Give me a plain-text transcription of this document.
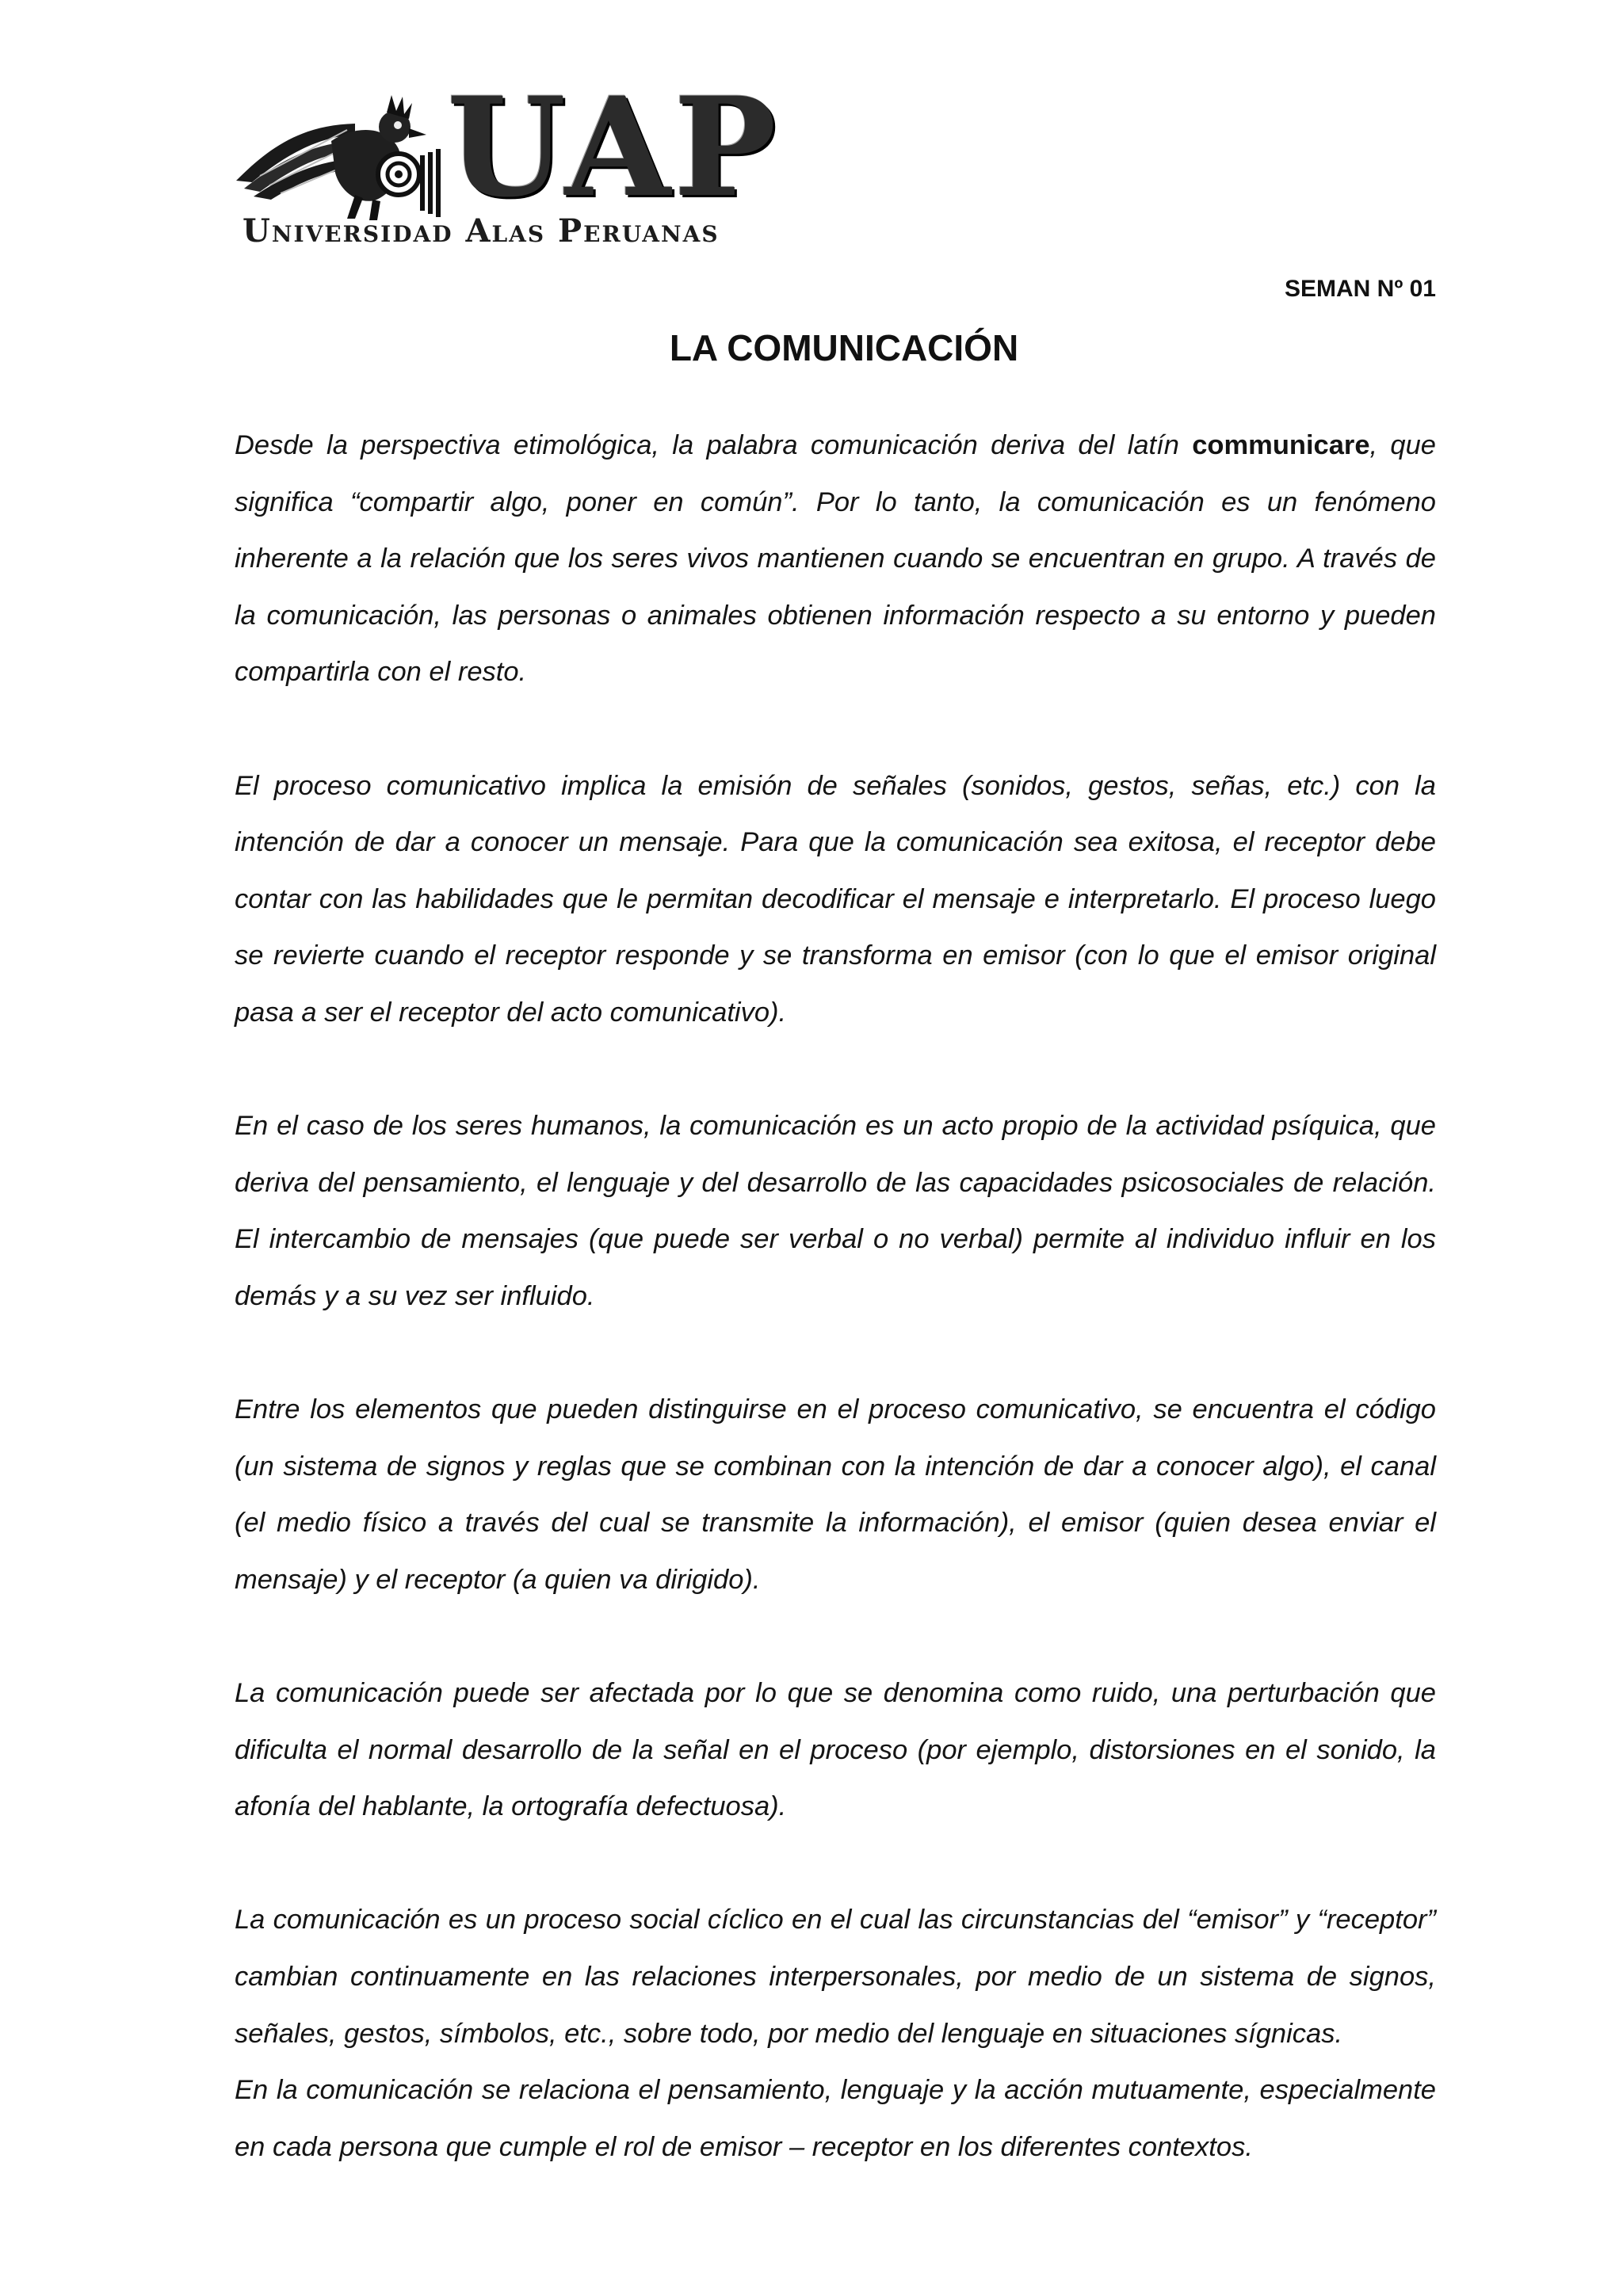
UAP
Universidad Alas Peruanas
SEMAN Nº 01
LA COMUNICACIÓN

Desde la perspectiva etimológica, la palabra comunicación deriva del latín communicare, que significa “compartir algo, poner en común”. Por lo tanto, la comunicación es un fenómeno inherente a la relación que los seres vivos mantienen cuando se encuentran en grupo. A través de la comunicación, las personas o animales obtienen información respecto a su entorno y pueden compartirla con el resto.

El proceso comunicativo implica la emisión de señales (sonidos, gestos, señas, etc.) con la intención de dar a conocer un mensaje. Para que la comunicación sea exitosa, el receptor debe contar con las habilidades que le permitan decodificar el mensaje e interpretarlo. El proceso luego se revierte cuando el receptor responde y se transforma en emisor (con lo que el emisor original pasa a ser el receptor del acto comunicativo).

En el caso de los seres humanos, la comunicación es un acto propio de la actividad psíquica, que deriva del pensamiento, el lenguaje y del desarrollo de las capacidades psicosociales de relación. El intercambio de mensajes (que puede ser verbal o no verbal) permite al individuo influir en los demás y a su vez ser influido.

Entre los elementos que pueden distinguirse en el proceso comunicativo, se encuentra el código (un sistema de signos y reglas que se combinan con la intención de dar a conocer algo), el canal (el medio físico a través del cual se transmite la información), el emisor (quien desea enviar el mensaje) y el receptor (a quien va dirigido).

La comunicación puede ser afectada por lo que se denomina como ruido, una perturbación que dificulta el normal desarrollo de la señal en el proceso (por ejemplo, distorsiones en el sonido, la afonía del hablante, la ortografía defectuosa).

La comunicación es un proceso social cíclico en el cual las circunstancias del “emisor” y “receptor” cambian continuamente en las relaciones interpersonales, por medio de un sistema de signos, señales, gestos, símbolos, etc., sobre todo, por medio del lenguaje en situaciones sígnicas.

En la comunicación se relaciona el pensamiento, lenguaje y la acción mutuamente, especialmente en cada persona que cumple el rol de emisor – receptor en los diferentes contextos.
